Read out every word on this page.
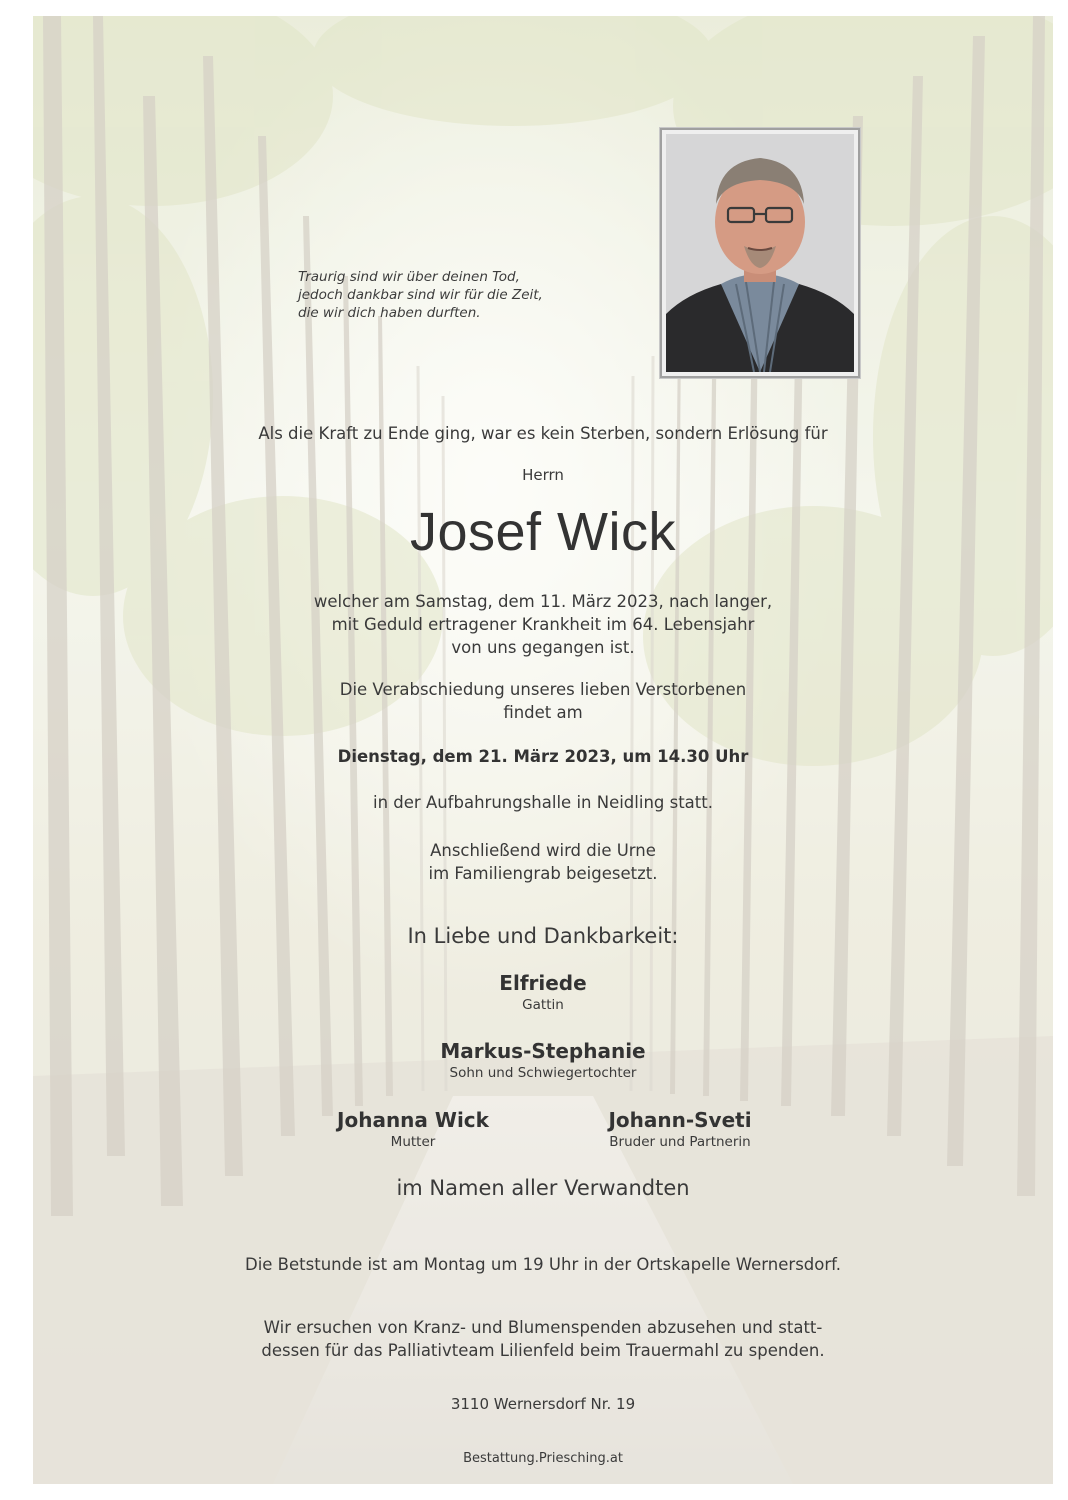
Traurig sind wir über deinen Tod,
jedoch dankbar sind wir für die Zeit,
die wir dich haben durften.
Als die Kraft zu Ende ging, war es kein Sterben, sondern Erlösung für
Herrn
Josef Wick
welcher am Samstag, dem 11. März 2023, nach langer,
mit Geduld ertragener Krankheit im 64. Lebensjahr
von uns gegangen ist.
Die Verabschiedung unseres lieben Verstorbenen
findet am
Dienstag, dem 21. März 2023, um 14.30 Uhr
in der Aufbahrungshalle in Neidling statt.
Anschließend wird die Urne
im Familiengrab beigesetzt.
In Liebe und Dankbarkeit:
Elfriede
Gattin
Markus-Stephanie
Sohn und Schwiegertochter
Johanna Wick
Mutter
Johann-Sveti
Bruder und Partnerin
im Namen aller Verwandten
Die Betstunde ist am Montag um 19 Uhr in der Ortskapelle Wernersdorf.
Wir ersuchen von Kranz- und Blumenspenden abzusehen und statt-
dessen für das Palliativteam Lilienfeld beim Trauermahl zu spenden.
3110 Wernersdorf Nr. 19
Bestattung.Priesching.at
